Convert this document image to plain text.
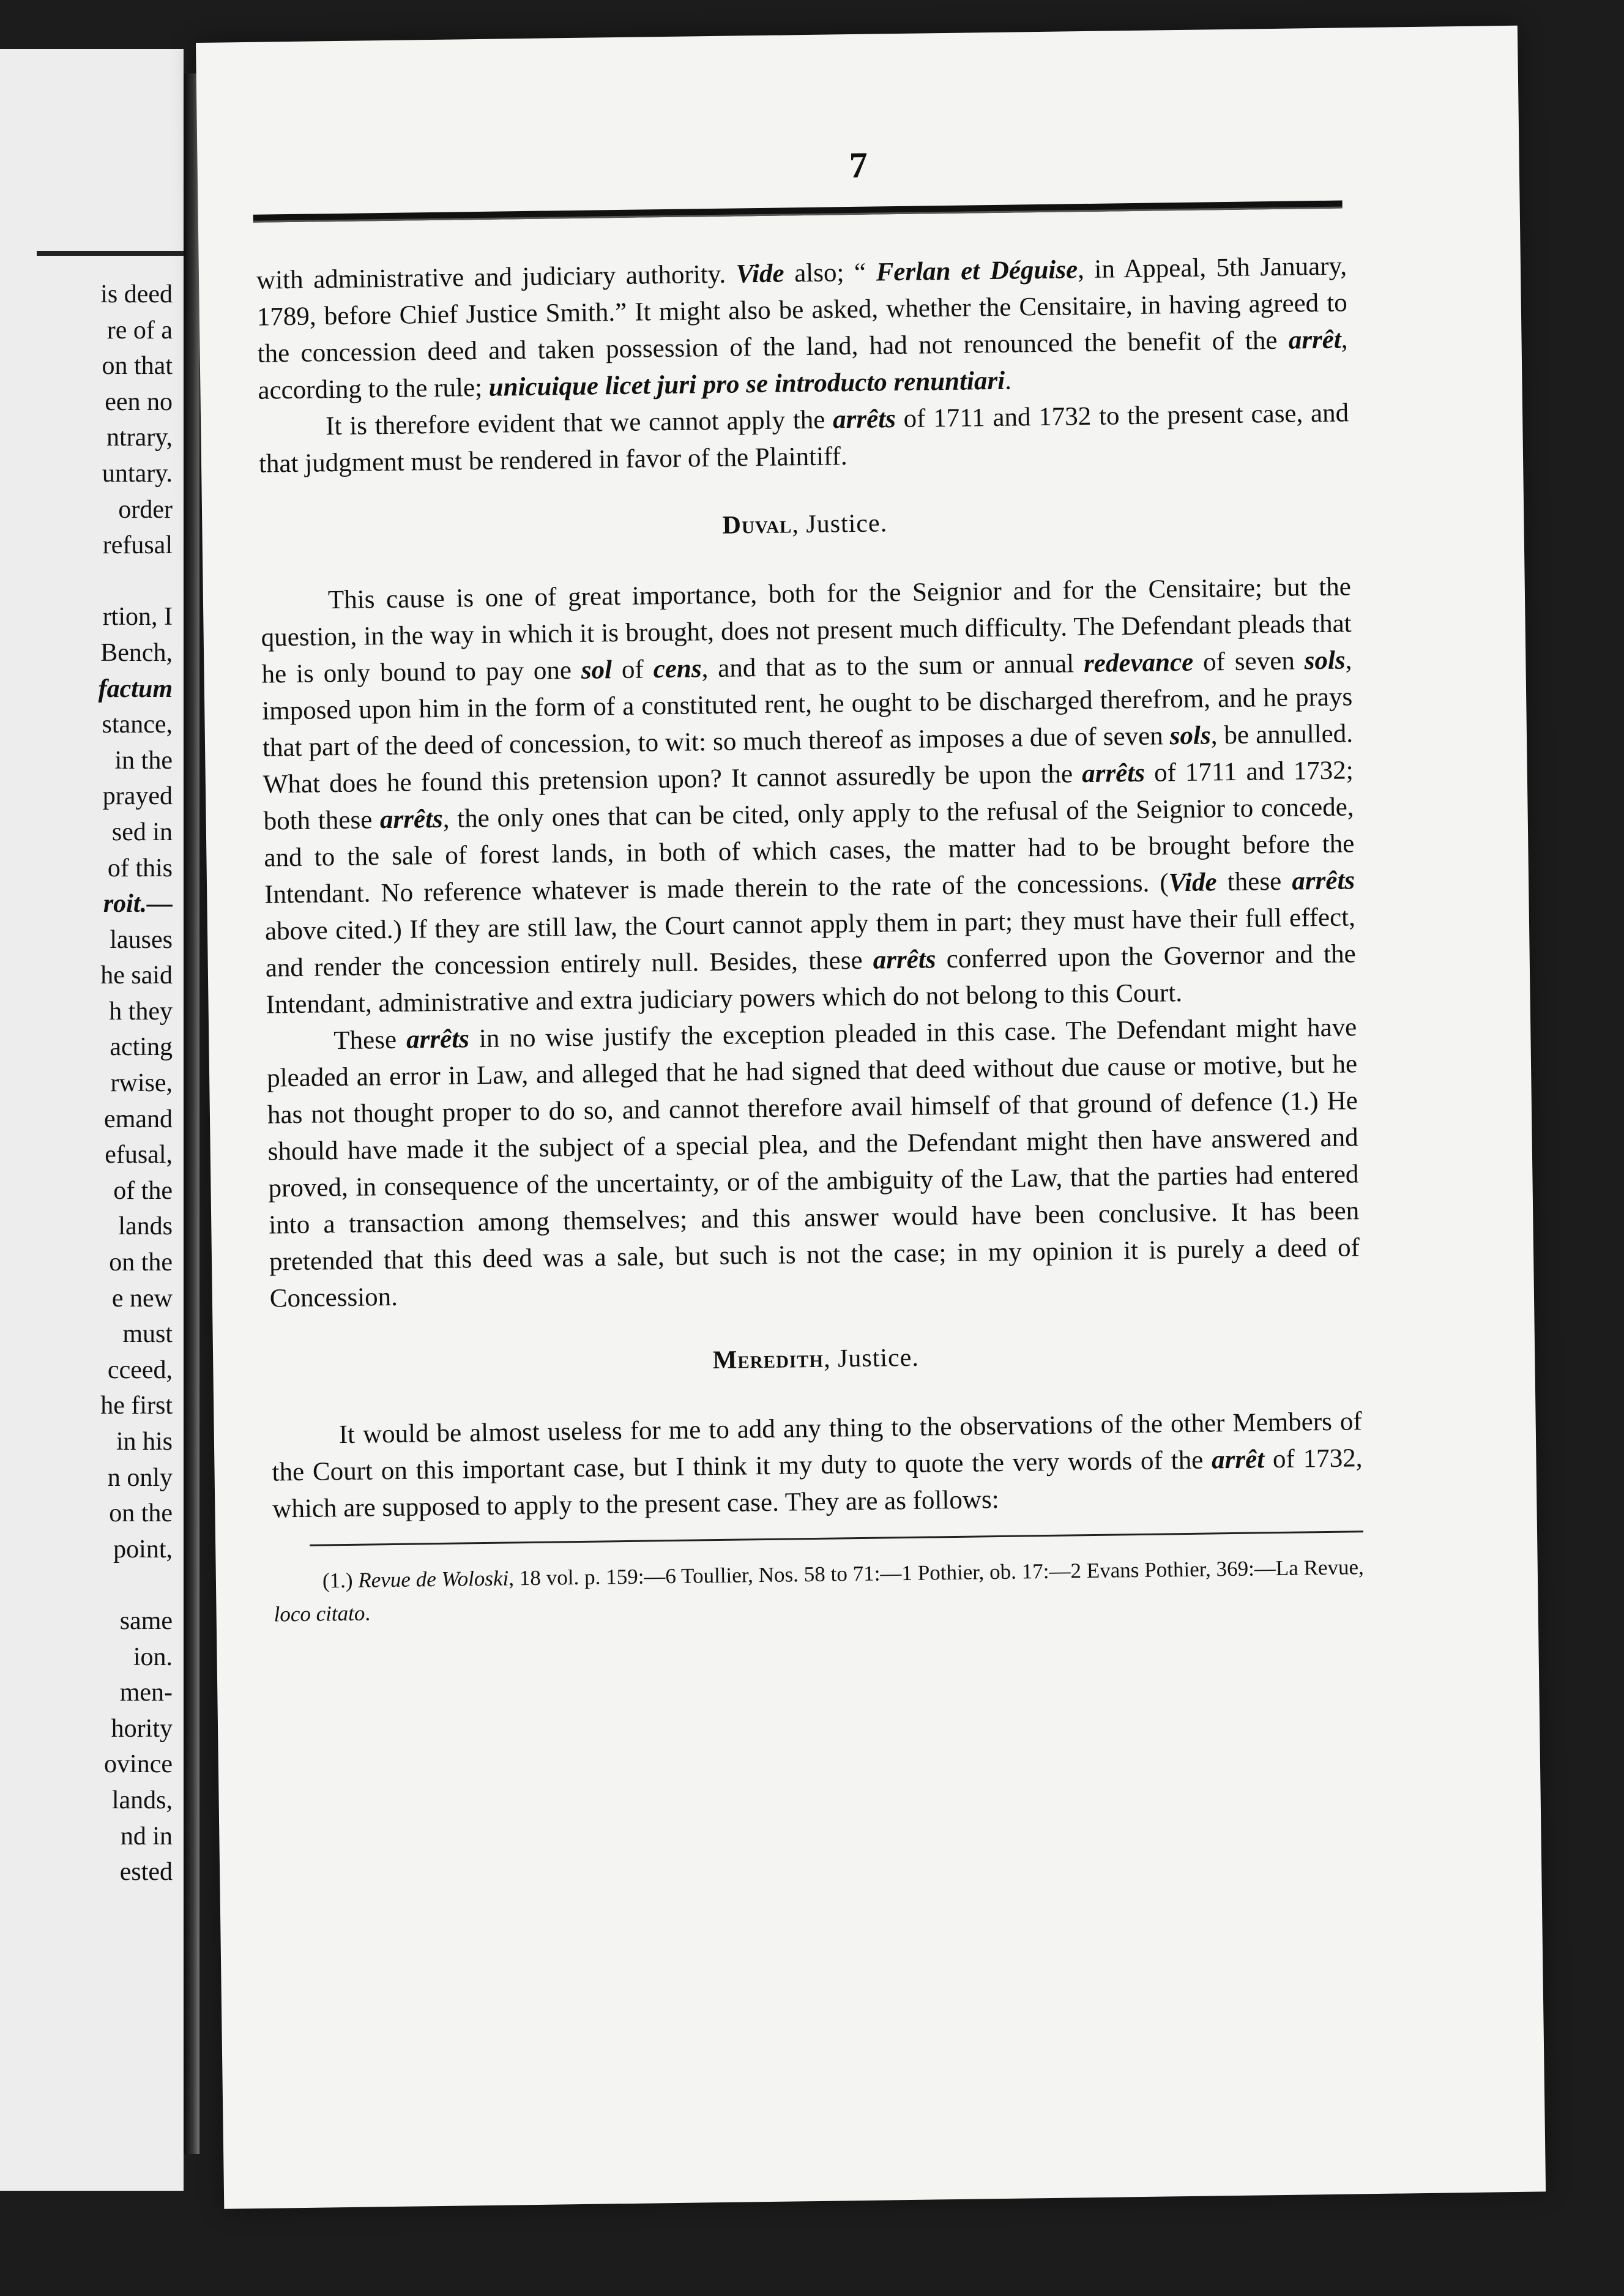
is deed
re of a
on that
een no
ntrary,
untary.
order
refusal

rtion, I
Bench,
factum
stance,
in the
prayed
sed in
of this
roit.—
lauses
he said
h they
acting
rwise,
emand
efusal,
of the
lands
on the
e new
must
cceed,
he first
in his
n only
on the
point,

same
ion.
men-
hority
ovince
lands,
nd in
ested
7

with administrative and judiciary authority. Vide also; “ Ferlan et Déguise, in Appeal, 5th January, 1789, before Chief Justice Smith.” It might also be asked, whether the Censitaire, in having agreed to the concession deed and taken possession of the land, had not renounced the benefit of the arrêt, according to the rule; unicuique licet juri pro se introducto renuntiari.

It is therefore evident that we cannot apply the arrêts of 1711 and 1732 to the present case, and that judgment must be rendered in favor of the Plaintiff.

Duval, Justice.

This cause is one of great importance, both for the Seignior and for the Censitaire; but the question, in the way in which it is brought, does not present much difficulty. The Defendant pleads that he is only bound to pay one sol of cens, and that as to the sum or annual redevance of seven sols, imposed upon him in the form of a constituted rent, he ought to be discharged therefrom, and he prays that part of the deed of concession, to wit: so much thereof as imposes a due of seven sols, be annulled. What does he found this pretension upon? It cannot assuredly be upon the arrêts of 1711 and 1732; both these arrêts, the only ones that can be cited, only apply to the refusal of the Seignior to concede, and to the sale of forest lands, in both of which cases, the matter had to be brought before the Intendant. No reference whatever is made therein to the rate of the concessions. (Vide these arrêts above cited.) If they are still law, the Court cannot apply them in part; they must have their full effect, and render the concession entirely null. Besides, these arrêts conferred upon the Governor and the Intendant, administrative and extra judiciary powers which do not belong to this Court.

These arrêts in no wise justify the exception pleaded in this case. The Defendant might have pleaded an error in Law, and alleged that he had signed that deed without due cause or motive, but he has not thought proper to do so, and cannot therefore avail himself of that ground of defence (1.) He should have made it the subject of a special plea, and the Defendant might then have answered and proved, in consequence of the uncertainty, or of the ambiguity of the Law, that the parties had entered into a transaction among themselves; and this answer would have been conclusive. It has been pretended that this deed was a sale, but such is not the case; in my opinion it is purely a deed of Concession.

Meredith, Justice.

It would be almost useless for me to add any thing to the observations of the other Members of the Court on this important case, but I think it my duty to quote the very words of the arrêt of 1732, which are supposed to apply to the present case. They are as follows:

(1.) Revue de Woloski, 18 vol. p. 159:—6 Toullier, Nos. 58 to 71:—1 Pothier, ob. 17:—2 Evans Pothier, 369:—La Revue, loco citato.
